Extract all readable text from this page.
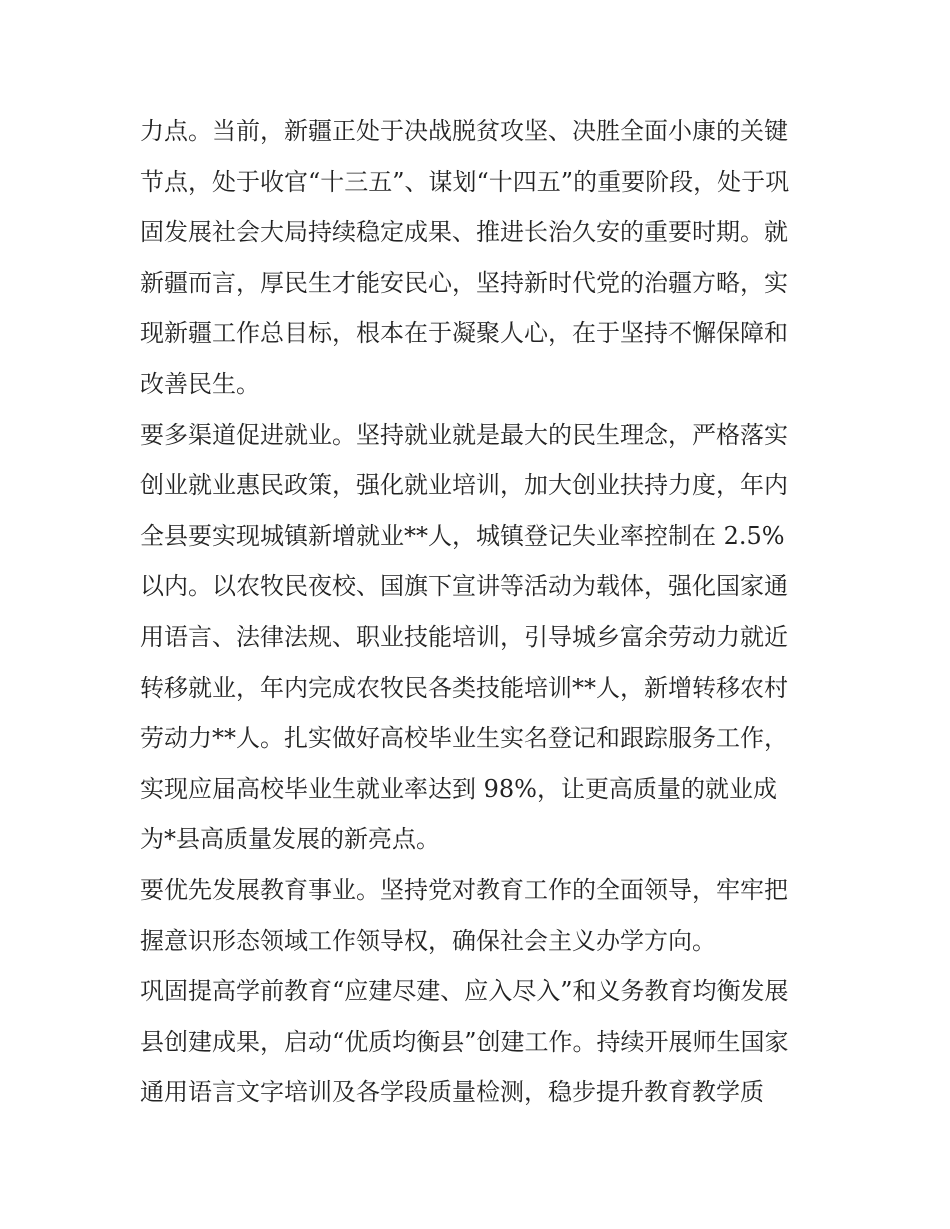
力点。当前，新疆正处于决战脱贫攻坚、决胜全面小康的关键

节点，处于收官“十三五”、谋划“十四五”的重要阶段，处于巩

固发展社会大局持续稳定成果、推进长治久安的重要时期。就

新疆而言，厚民生才能安民心，坚持新时代党的治疆方略，实

现新疆工作总目标，根本在于凝聚人心，在于坚持不懈保障和

改善民生。

要多渠道促进就业。坚持就业就是最大的民生理念，严格落实

创业就业惠民政策，强化就业培训，加大创业扶持力度，年内

全县要实现城镇新增就业**人，城镇登记失业率控制在 2.5%

以内。以农牧民夜校、国旗下宣讲等活动为载体，强化国家通

用语言、法律法规、职业技能培训，引导城乡富余劳动力就近

转移就业，年内完成农牧民各类技能培训**人，新增转移农村

劳动力**人。扎实做好高校毕业生实名登记和跟踪服务工作，

实现应届高校毕业生就业率达到 98%，让更高质量的就业成

为*县高质量发展的新亮点。

要优先发展教育事业。坚持党对教育工作的全面领导，牢牢把

握意识形态领域工作领导权，确保社会主义办学方向。

巩固提高学前教育“应建尽建、应入尽入”和义务教育均衡发展

县创建成果，启动“优质均衡县”创建工作。持续开展师生国家

通用语言文字培训及各学段质量检测，稳步提升教育教学质
